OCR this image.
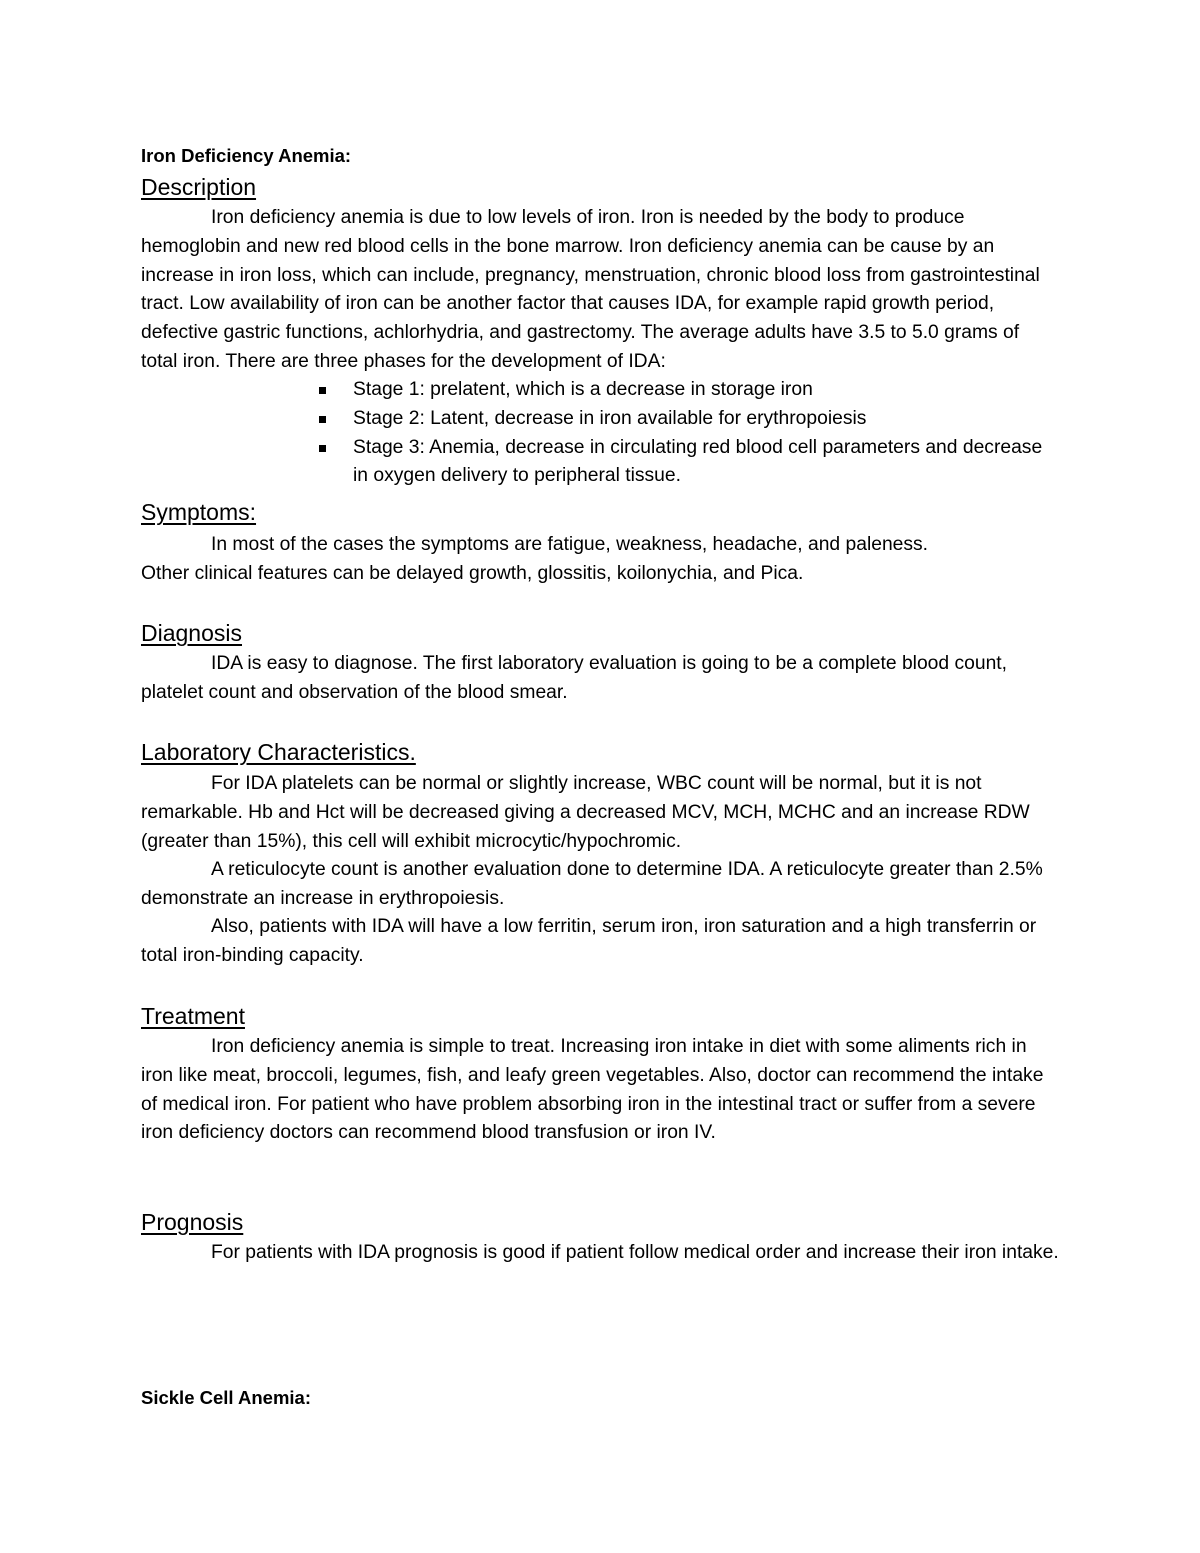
Iron Deficiency Anemia:
Description

Iron deficiency anemia is due to low levels of iron. Iron is needed by the body to produce hemoglobin and new red blood cells in the bone marrow. Iron deficiency anemia can be cause by an increase in iron loss, which can include, pregnancy, menstruation, chronic blood loss from gastrointestinal tract. Low availability of iron can be another factor that causes IDA, for example rapid growth period, defective gastric functions, achlorhydria, and gastrectomy. The average adults have 3.5 to 5.0 grams of total iron. There are three phases for the development of IDA:

Stage 1: prelatent, which is a decrease in storage iron
Stage 2: Latent, decrease in iron available for erythropoiesis
Stage 3: Anemia, decrease in circulating red blood cell parameters and decrease in oxygen delivery to peripheral tissue.
Symptoms:

In most of the cases the symptoms are fatigue, weakness, headache, and paleness.

Other clinical features can be delayed growth, glossitis, koilonychia, and Pica.

Diagnosis

IDA is easy to diagnose. The first laboratory evaluation is going to be a complete blood count, platelet count and observation of the blood smear.

Laboratory Characteristics.

For IDA platelets can be normal or slightly increase, WBC count will be normal, but it is not remarkable. Hb and Hct will be decreased giving a decreased MCV, MCH, MCHC and an increase RDW (greater than 15%), this cell will exhibit microcytic/hypochromic.

A reticulocyte count is another evaluation done to determine IDA. A reticulocyte greater than 2.5% demonstrate an increase in erythropoiesis.

Also, patients with IDA will have a low ferritin, serum iron, iron saturation and a high transferrin or total iron-binding capacity.

Treatment

Iron deficiency anemia is simple to treat. Increasing iron intake in diet with some aliments rich in iron like meat, broccoli, legumes, fish, and leafy green vegetables. Also, doctor can recommend the intake of medical iron. For patient who have problem absorbing iron in the intestinal tract or suffer from a severe iron deficiency doctors can recommend blood transfusion or iron IV.

Prognosis

For patients with IDA prognosis is good if patient follow medical order and increase their iron intake.

Sickle Cell Anemia:
